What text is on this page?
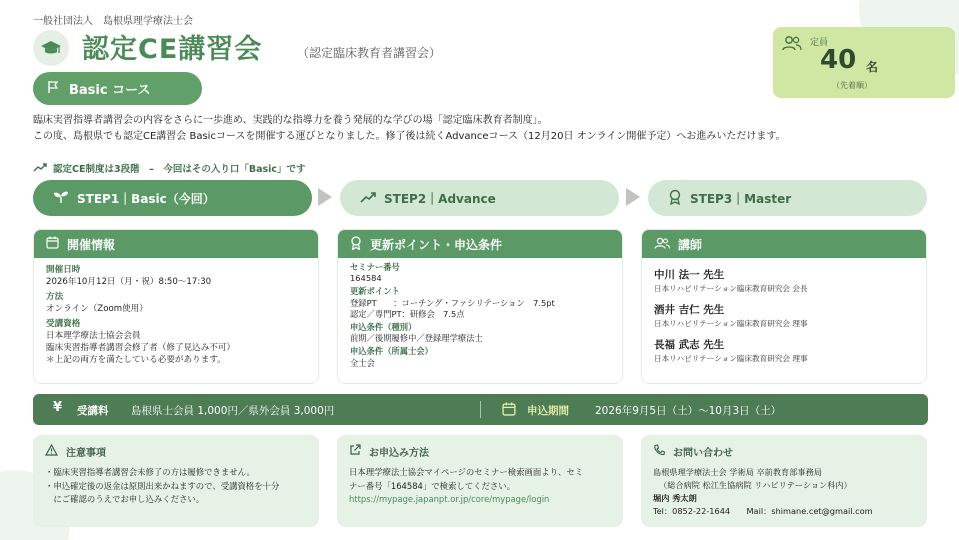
一般社団法人　島根県理学療法士会
認定CE講習会	（認定臨床教育者講習会）
定員
40 名
（先着順）
Basic コース
臨床実習指導者講習会の内容をさらに一歩進め、実践的な指導力を養う発展的な学びの場「認定臨床教育者制度」。
この度、島根県でも認定CE講習会 Basicコースを開催する運びとなりました。修了後は続くAdvanceコース（12月20日 オンライン開催予定）へお進みいただけます。
認定CE制度は3段階　–　今回はその入り口「Basic」です
STEP1｜Basic（今回）	STEP2｜Advance	STEP3｜Master
開催情報
開催日時
2026年10月12日（月・祝）8:50～17:30
方法
オンライン（Zoom使用）
受講資格
日本理学療法士協会会員
臨床実習指導者講習会修了者（修了見込み不可）
＊上記の両方を満たしている必要があります。
更新ポイント・申込条件
セミナー番号
164584
更新ポイント
登録PT　　：コーチング・ファシリテーション　7.5pt
認定／専門PT：研修会　7.5点
申込条件（種別）
前期／後期履修中／登録理学療法士
申込条件（所属士会）
全士会
講師
中川 法一 先生
日本リハビリテーション臨床教育研究会 会長
酒井 吉仁 先生
日本リハビリテーション臨床教育研究会 理事
長福 武志 先生
日本リハビリテーション臨床教育研究会 理事
¥ 受講料 島根県士会員 1,000円／県外会員 3,000円	申込期間 2026年9月5日（土）～10月3日（土）
注意事項
・臨床実習指導者講習会未修了の方は履修できません。
・申込確定後の返金は原則出来かねますので、受講資格を十分
　にご確認のうえでお申し込みください。
お申込み方法
日本理学療法士協会マイページのセミナー検索画面より、セミ
ナー番号「164584」で検索してください。
https://mypage.japanpt.or.jp/core/mypage/login
お問い合わせ
島根県理学療法士会 学術局 卒前教育部事務局
（総合病院 松江生協病院 リハビリテーション科内）
堀内 秀太朗
Tel：0852-22-1644　　Mail：shimane.cet@gmail.com
